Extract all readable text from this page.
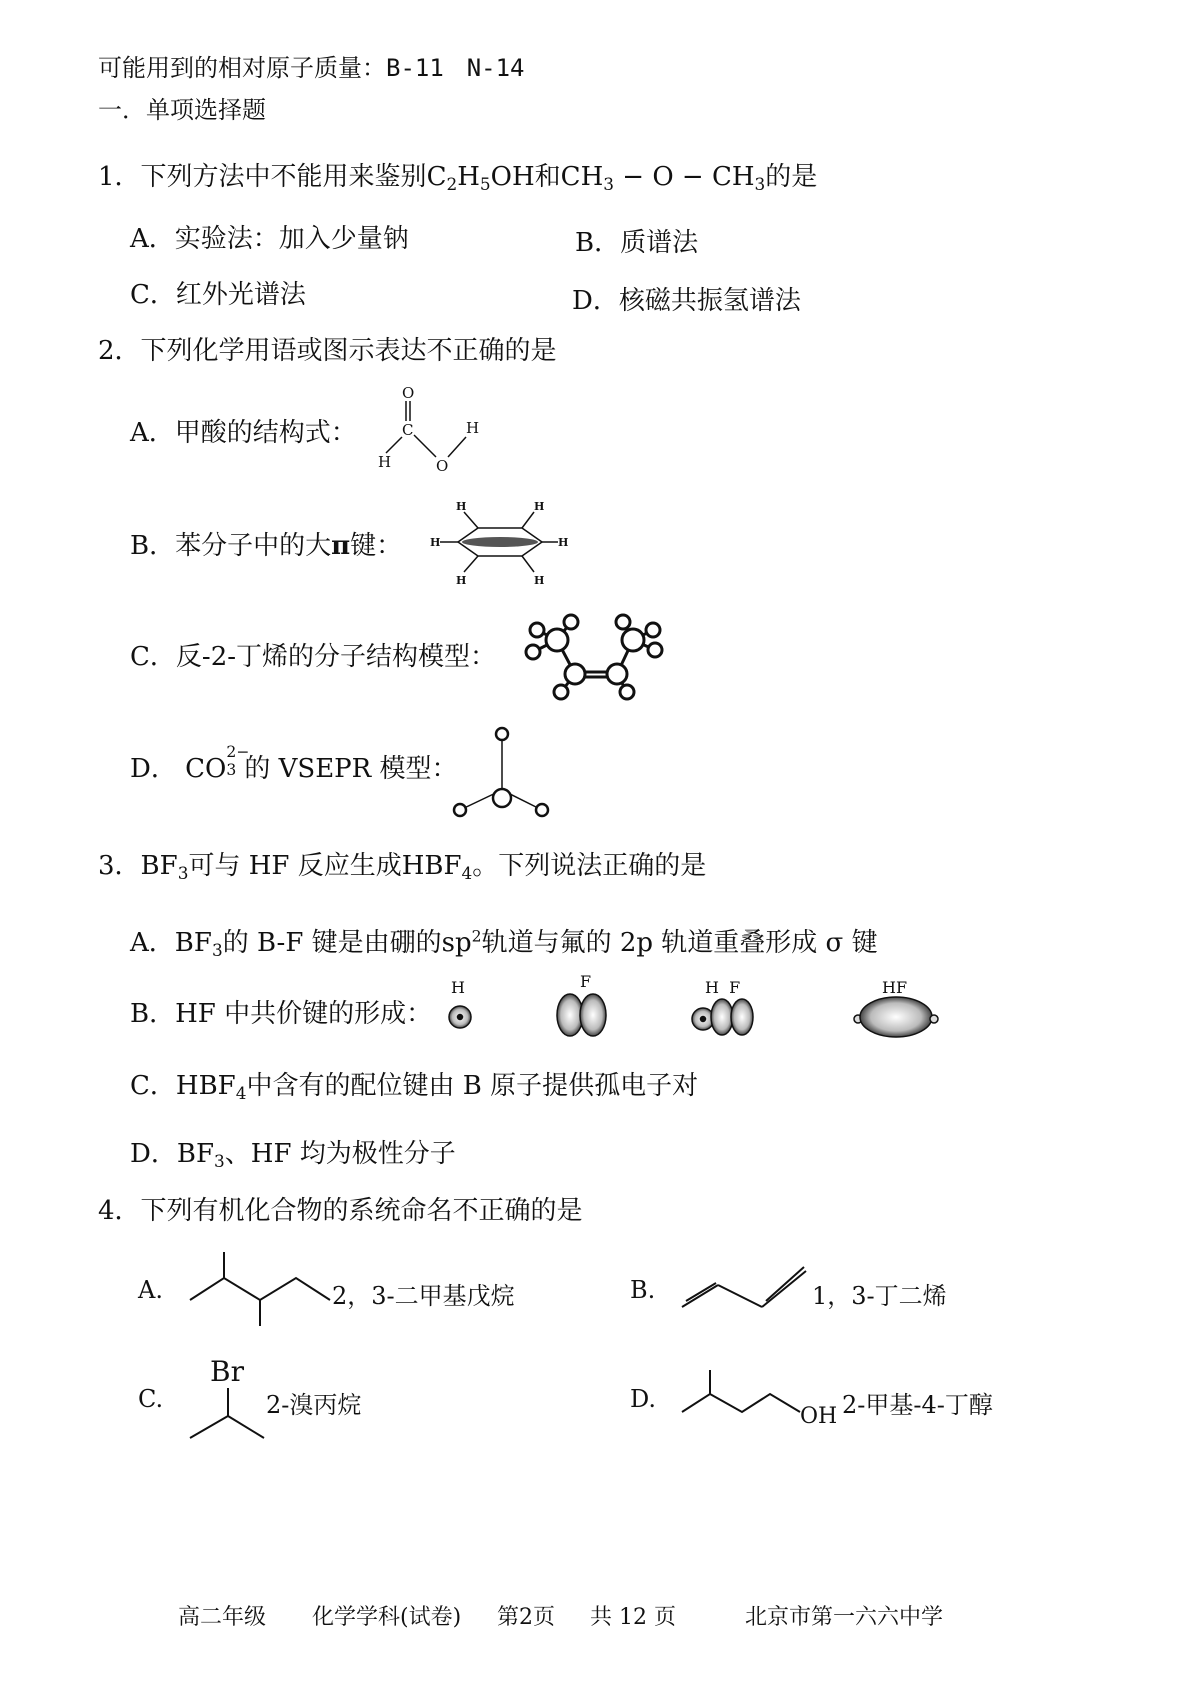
可能用到的相对原子质量：B-11 N-14
一．单项选择题
1．下列方法中不能用来鉴别$C_2H_5OH$和$CH_3 - O - CH_3$的是
A．实验法：加入少量钠	B．质谱法
C．红外光谱法	D．核磁共振氢谱法
2．下列化学用语或图示表达不正确的是
A．甲酸的结构式：
O
C
H	O
H
B．苯分子中的大π键：	H	H
H	H
H	H
C．反-2-丁烯的分子结构模型：
D． CO
2−
3 的 VSEPR 模型：
3．$BF_3$可与 HF 反应生成$HBF_4$。下列说法正确的是
A．$BF_3$的 B-F 键是由硼的$sp^2$轨道与氟的 2p 轨道重叠形成 σ 键
B．HF 中共价键的形成：
H	F	H  F	HF
C．$HBF_4$中含有的配位键由 B 原子提供孤电子对
D．$BF_3$、HF 均为极性分子
4．下列有机化合物的系统命名不正确的是
A.	2，3-二甲基戊烷	B.	1，3-丁二烯
C.
Br
2-溴丙烷	D.
OH 2-甲基-4-丁醇
高二年级 化学学科(试卷) 第2页 共 12 页	北京市第一六六中学
